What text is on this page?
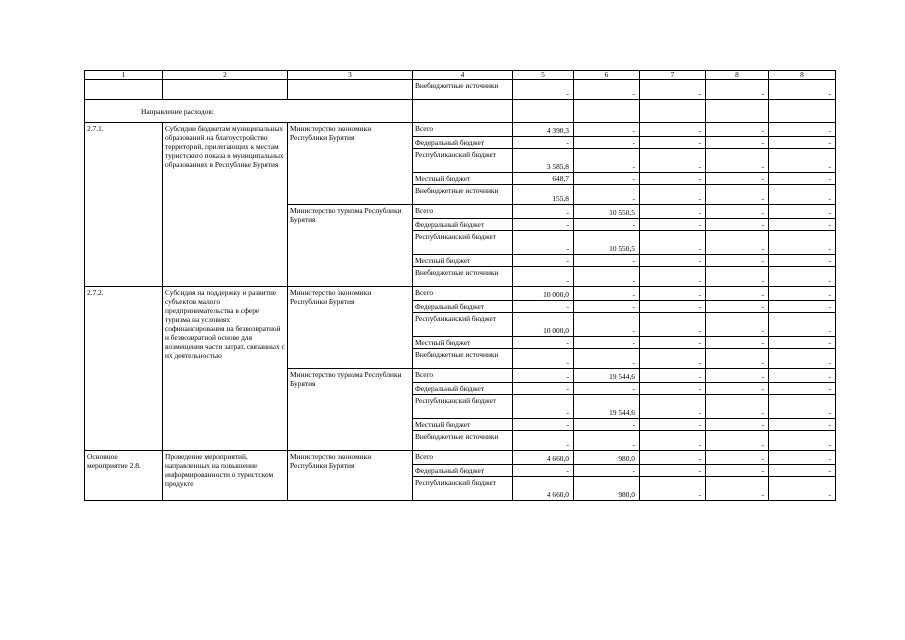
1	2	3	4	5	6	7	8	8
			Внебюджетные источники	-	-	-	-	-
Направление расходов:								
2.7.1.	Субсидии бюджетам муниципальных образований на благоустройство территорий, прилегающих к местам туристского показа в муниципальных образованиях в Республике Бурятия	Министерство экономики Республики Бурятия	Всего	4 390,3	-	-	-	-
			Федеральный бюджет	-	-	-	-	-
			Республиканский бюджет	3 585,8	-	-	-	-
			Местный бюджет	648,7	-	-	-	-
			Внебюджетные источники	155,8	-	-	-	-
		Министерство туризма Республики Бурятия	Всего	-	10 550,5	-	-	-
			Федеральный бюджет	-	-	-	-	-
			Республиканский бюджет	-	10 550,5	-	-	-
			Местный бюджет	-	-	-	-	-
			Внебюджетные источники	-	-	-	-	-
2.7.2.	Субсидия на поддержку и развитие субъектов малого предпринимательства в сфере туризма на условиях софинансирования на безвозвратной и безвозвратной основе для возмещения части затрат, связанных с их деятельностью	Министерство экономики Республики Бурятия	Всего	10 000,0	-	-	-	-
			Федеральный бюджет	-	-	-	-	-
			Республиканский бюджет	10 000,0	-	-	-	-
			Местный бюджет	-	-	-	-	-
			Внебюджетные источники	-	-	-	-	-
		Министерство туризма Республики Бурятия	Всего	-	19 544,6	-	-	-
			Федеральный бюджет	-	-	-	-	-
			Республиканский бюджет	-	19 544,6	-	-	-
			Местный бюджет	-	-	-	-	-
			Внебюджетные источники	-	-	-	-	-
Основное мероприятие 2.8.	Проведение мероприятий, направленных на повышение информированности о туристском продукте	Министерство экономики Республики Бурятия	Всего	4 660,0	980,0	-	-	-
			Федеральный бюджет	-	-	-	-	-
			Республиканский бюджет	4 660,0	980,0	-	-	-
